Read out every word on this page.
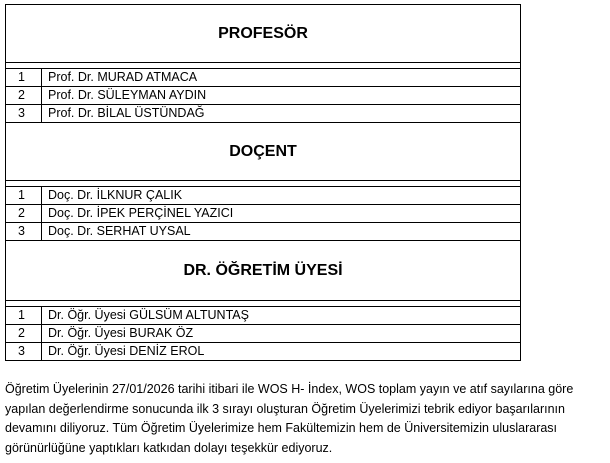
PROFESÖR
1	Prof. Dr. MURAD ATMACA
2	Prof. Dr. SÜLEYMAN AYDIN
3	Prof. Dr. BİLAL ÜSTÜNDAĞ
DOÇENT
1	Doç. Dr. İLKNUR ÇALIK
2	Doç. Dr. İPEK PERÇİNEL YAZICI
3	Doç. Dr. SERHAT UYSAL
DR. ÖĞRETİM ÜYESİ
1	Dr. Öğr. Üyesi GÜLSÜM ALTUNTAŞ
2	Dr. Öğr. Üyesi BURAK ÖZ
3	Dr. Öğr. Üyesi DENİZ EROL

Öğretim Üyelerinin 27/01/2026 tarihi itibari ile WOS H- İndex, WOS toplam yayın ve atıf sayılarına göre yapılan değerlendirme sonucunda ilk 3 sırayı oluşturan Öğretim Üyelerimizi tebrik ediyor başarılarının devamını diliyoruz. Tüm Öğretim Üyelerimize hem Fakültemizin hem de Üniversitemizin uluslararası görünürlüğüne yaptıkları katkıdan dolayı teşekkür ediyoruz.
